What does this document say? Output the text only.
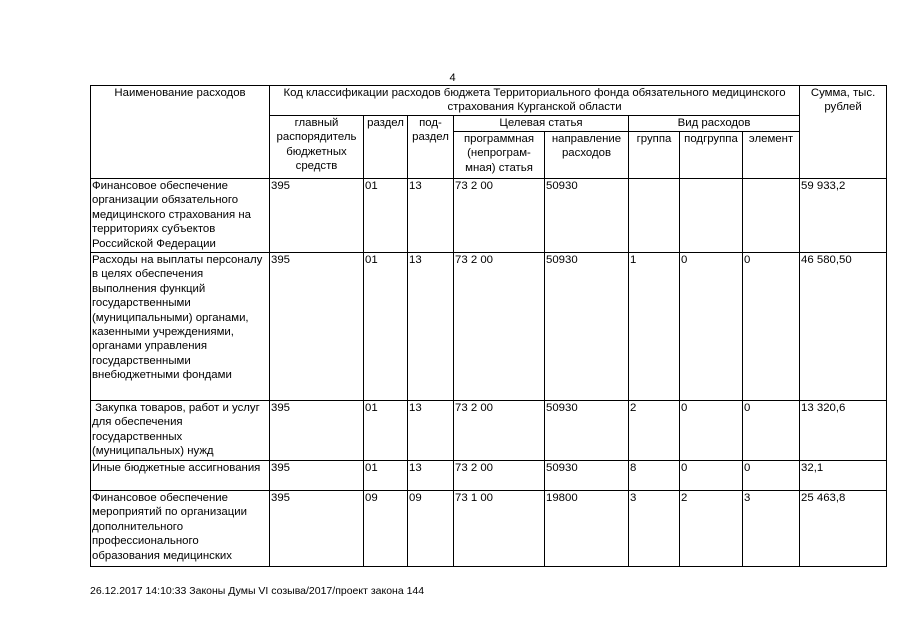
4
Наименование расходов	Код классификации расходов бюджета Территориального фонда обязательного медицинского страхования Курганской области								Сумма, тыс. рублей
	главный распорядитель бюджетных средств	раздел	под-раздел	Целевая статья		Вид расходов			
				программная (непрограм-мная) статья	направление расходов	группа	подгруппа	элемент	
Финансовое обеспечение организации обязательного медицинского страхования на территориях субъектов Российской Федерации	395	01	13	73 2 00	50930				59 933,2
Расходы на выплаты персоналу в целях обеспечения выполнения функций государственными (муниципальными) органами, казенными учреждениями, органами управления государственными внебюджетными фондами	395	01	13	73 2 00	50930	1	0	0	46 580,50
Закупка товаров, работ и услуг для обеспечения государственных (муниципальных) нужд	395	01	13	73 2 00	50930	2	0	0	13 320,6
Иные бюджетные ассигнования	395	01	13	73 2 00	50930	8	0	0	32,1
Финансовое обеспечение мероприятий по организации дополнительного профессионального образования медицинских	395	09	09	73 1 00	19800	3	2	3	25 463,8
26.12.2017 14:10:33 Законы Думы VI созыва/2017/проект закона 144
